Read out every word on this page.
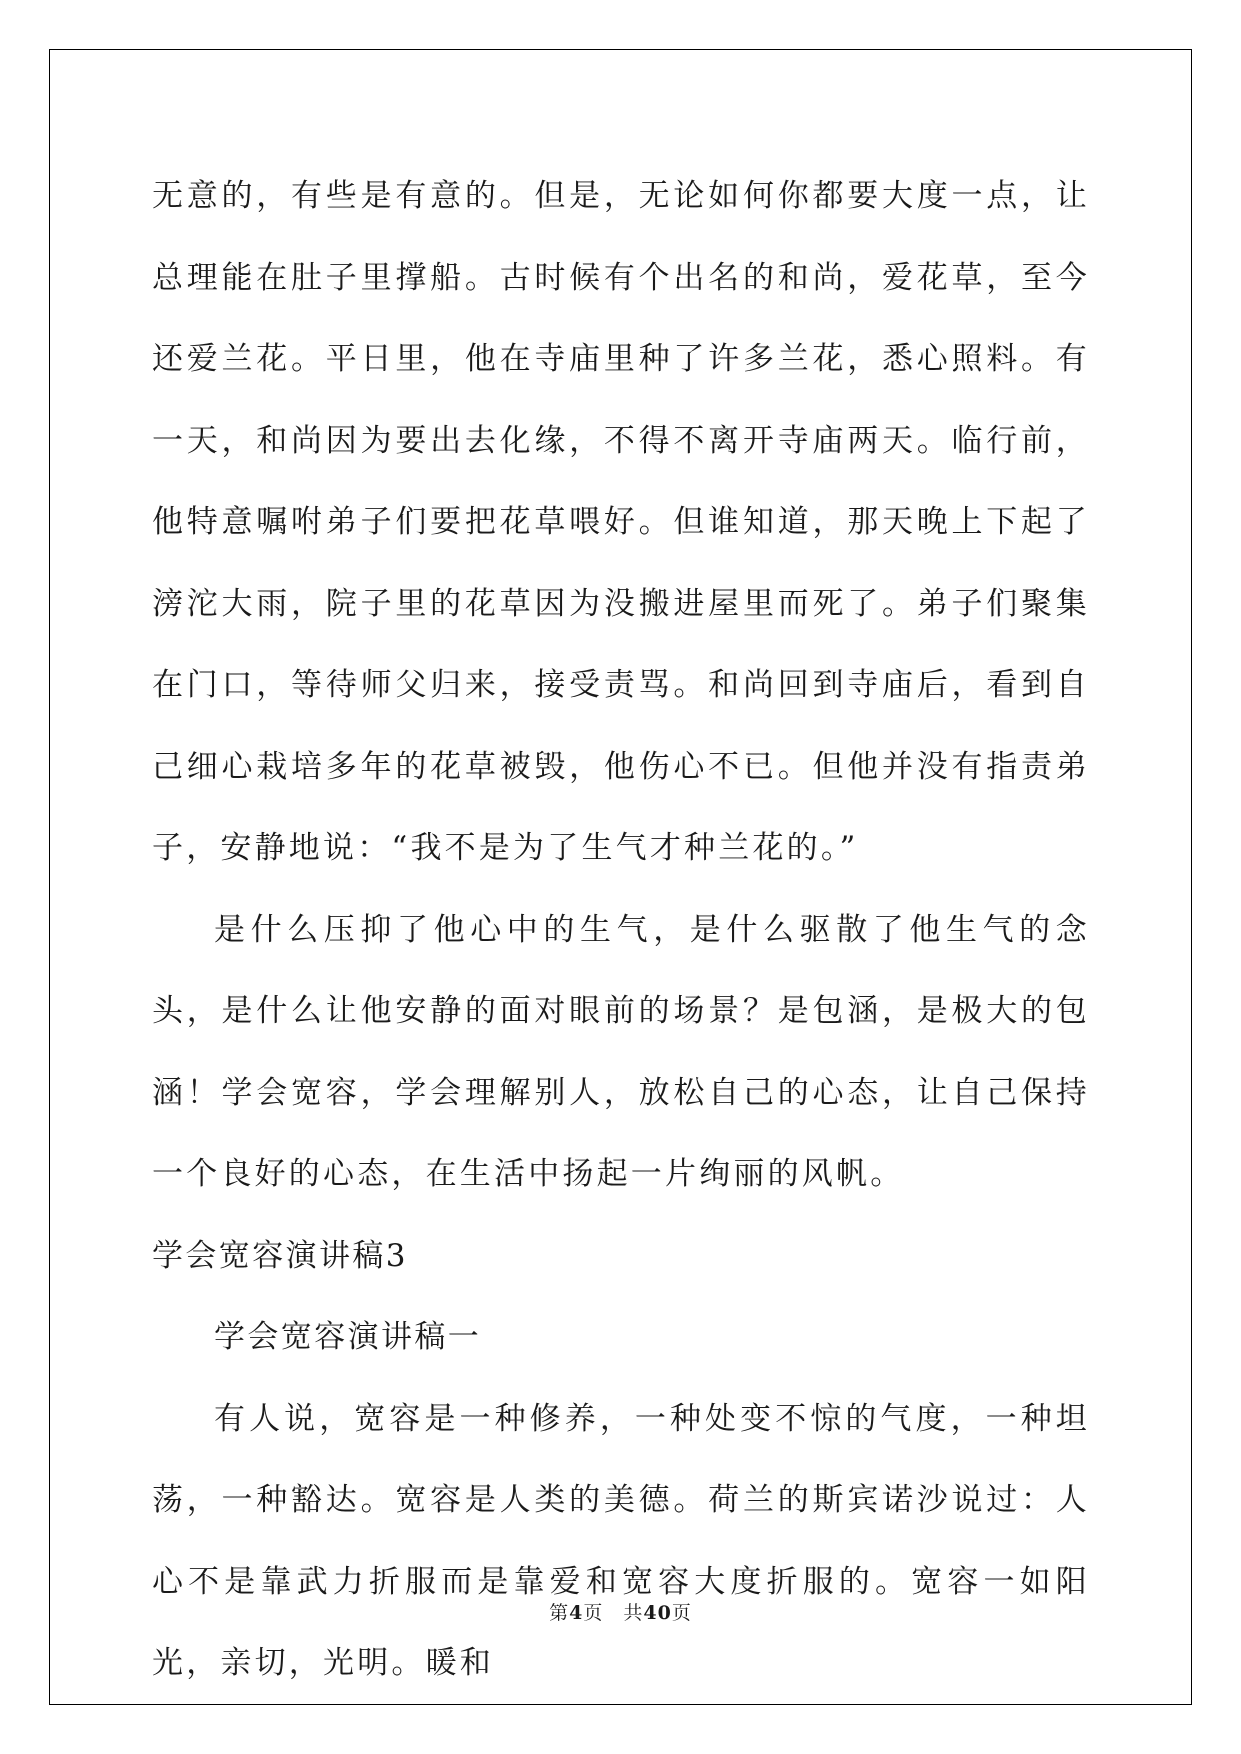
无意的，有些是有意的。但是，无论如何你都要大度一点，让总理能在肚子里撑船。古时候有个出名的和尚，爱花草，至今还爱兰花。平日里，他在寺庙里种了许多兰花，悉心照料。有一天，和尚因为要出去化缘，不得不离开寺庙两天。临行前，他特意嘱咐弟子们要把花草喂好。但谁知道，那天晚上下起了滂沱大雨，院子里的花草因为没搬进屋里而死了。弟子们聚集在门口，等待师父归来，接受责骂。和尚回到寺庙后，看到自己细心栽培多年的花草被毁，他伤心不已。但他并没有指责弟子，安静地说：“我不是为了生气才种兰花的。”

是什么压抑了他心中的生气，是什么驱散了他生气的念头，是什么让他安静的面对眼前的场景？是包涵，是极大的包涵！学会宽容，学会理解别人，放松自己的心态，让自己保持一个良好的心态，在生活中扬起一片绚丽的风帆。

学会宽容演讲稿3

学会宽容演讲稿一

有人说，宽容是一种修养，一种处变不惊的气度，一种坦荡，一种豁达。宽容是人类的美德。荷兰的斯宾诺沙说过：人心不是靠武力折服而是靠爱和宽容大度折服的。宽容一如阳光，亲切，光明。暖和

第4页 共40页
